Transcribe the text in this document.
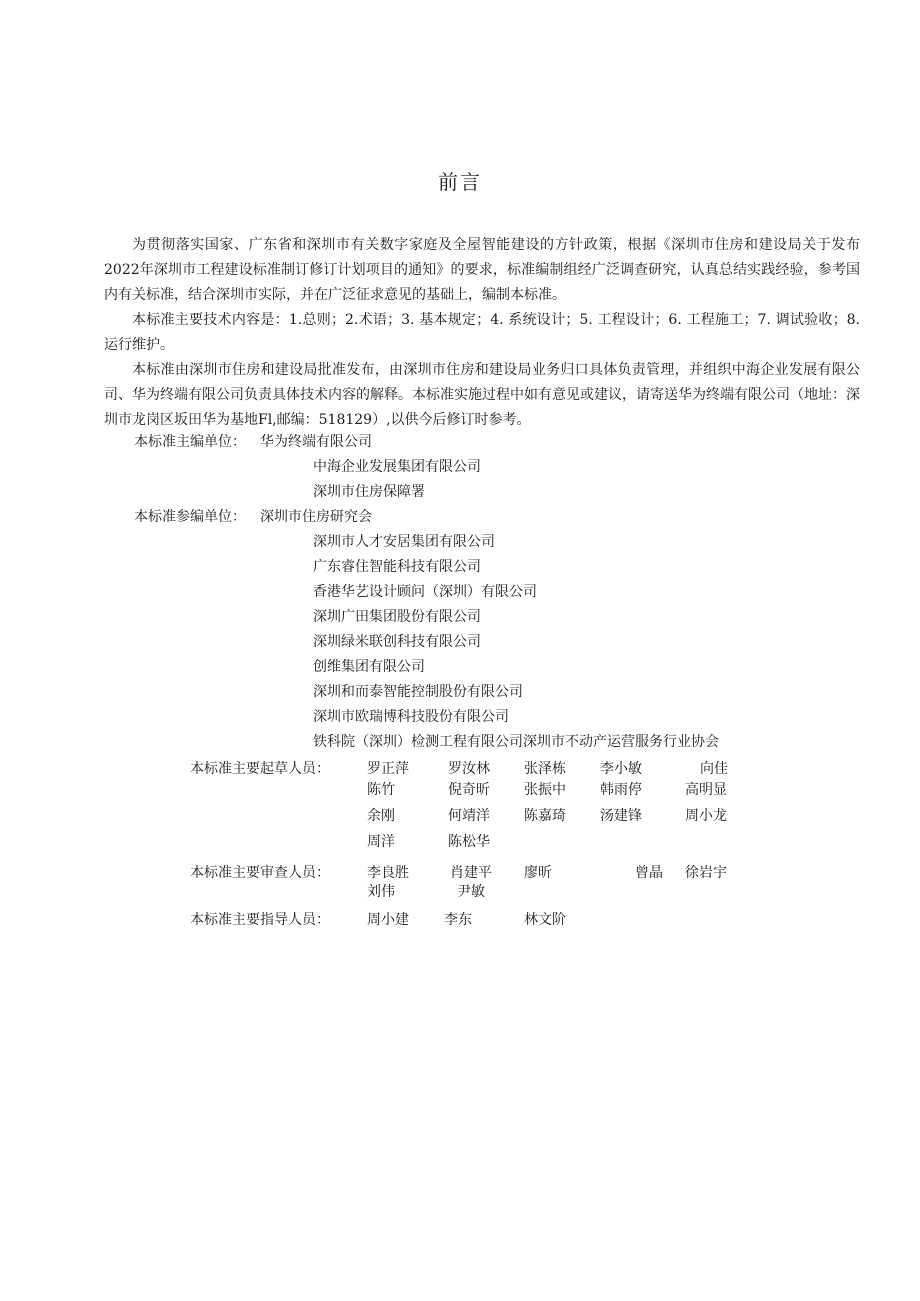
前言

为贯彻落实国家、广东省和深圳市有关数字家庭及全屋智能建设的方针政策，根据《深圳市住房和建设局关于发布2022年深圳市工程建设标准制订修订计划项目的通知》的要求，标准编制组经广泛调查研究，认真总结实践经验，参考国内有关标准，结合深圳市实际，并在广泛征求意见的基础上，编制本标准。

本标准主要技术内容是：1.总则；2.术语；3. 基本规定；4. 系统设计；5. 工程设计；6. 工程施工；7. 调试验收；8. 运行维护。

本标准由深圳市住房和建设局批准发布，由深圳市住房和建设局业务归口具体负责管理，并组织中海企业发展有限公司、华为终端有限公司负责具体技术内容的解释。本标准实施过程中如有意见或建议，请寄送华为终端有限公司（地址：深圳市龙岗区坂田华为基地Fl,邮编：518129）,以供今后修订时参考。

本标准主编单位： 华为终端有限公司
中海企业发展集团有限公司
深圳市住房保障署
本标准参编单位： 深圳市住房研究会
深圳市人才安居集团有限公司
广东睿住智能科技有限公司
香港华艺设计顾问（深圳）有限公司
深圳广田集团股份有限公司
深圳绿米联创科技有限公司
创维集团有限公司
深圳和而泰智能控制股份有限公司
深圳市欧瑞博科技股份有限公司
铁科院（深圳）检测工程有限公司深圳市不动产运营服务行业协会
本标准主要起草人员：	罗正萍	罗汝林 张泽栋 李小敏	向佳
陈竹	倪奇昕 张振中 韩雨停	高明显
余刚	何靖洋 陈嘉琦 汤建锋	周小龙
周洋	陈松华
本标准主要审查人员：	李良胜	肖建平 廖昕	曾晶 徐岩宇
刘伟	尹敏
本标准主要指导人员：	周小建	李东	林文阶
